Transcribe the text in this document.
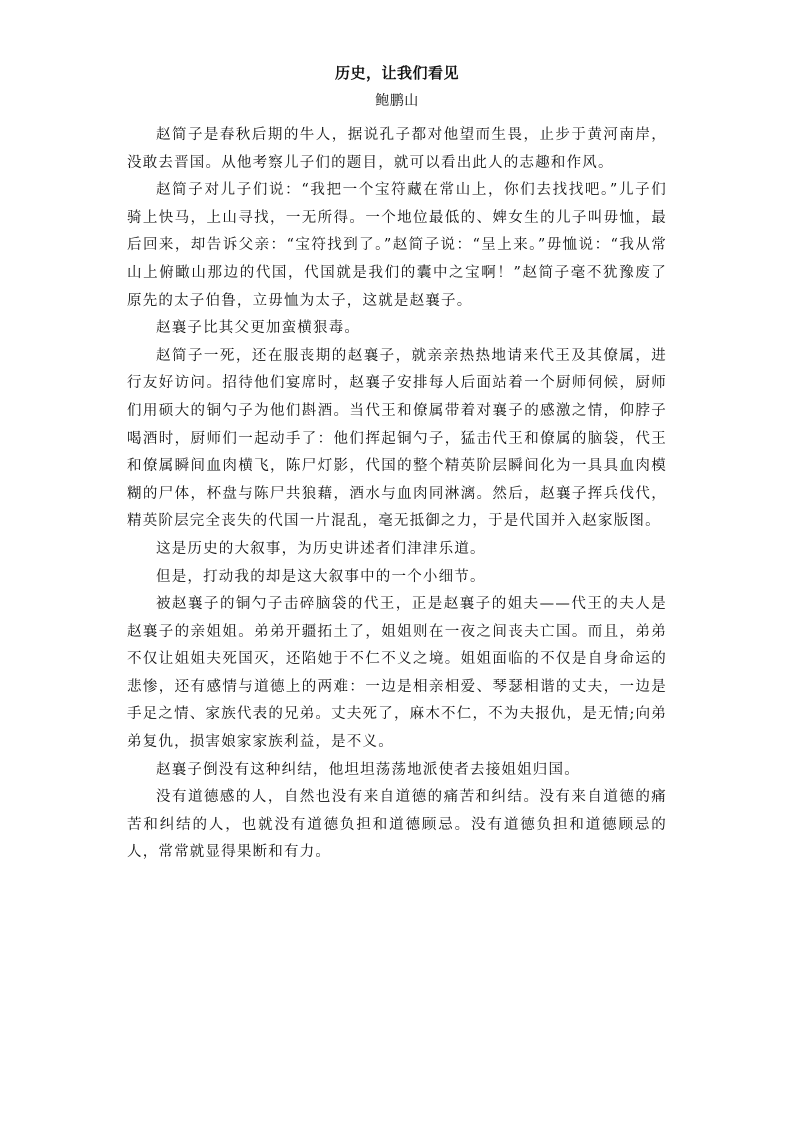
历史，让我们看见
鲍鹏山

赵简子是春秋后期的牛人，据说孔子都对他望而生畏，止步于黄河南岸，没敢去晋国。从他考察儿子们的题目，就可以看出此人的志趣和作风。

赵简子对儿子们说：“我把一个宝符藏在常山上，你们去找找吧。”儿子们骑上快马，上山寻找，一无所得。一个地位最低的、婢女生的儿子叫毋恤，最后回来，却告诉父亲：“宝符找到了。”赵简子说：“呈上来。”毋恤说：“我从常山上俯瞰山那边的代国，代国就是我们的囊中之宝啊！”赵简子毫不犹豫废了原先的太子伯鲁，立毋恤为太子，这就是赵襄子。

赵襄子比其父更加蛮横狠毒。

赵简子一死，还在服丧期的赵襄子，就亲亲热热地请来代王及其僚属，进行友好访问。招待他们宴席时，赵襄子安排每人后面站着一个厨师伺候，厨师们用硕大的铜勺子为他们斟酒。当代王和僚属带着对襄子的感激之情，仰脖子喝酒时，厨师们一起动手了：他们挥起铜勺子，猛击代王和僚属的脑袋，代王和僚属瞬间血肉横飞，陈尸灯影，代国的整个精英阶层瞬间化为一具具血肉模糊的尸体，杯盘与陈尸共狼藉，酒水与血肉同淋漓。然后，赵襄子挥兵伐代，精英阶层完全丧失的代国一片混乱，毫无抵御之力，于是代国并入赵家版图。

这是历史的大叙事，为历史讲述者们津津乐道。

但是，打动我的却是这大叙事中的一个小细节。

被赵襄子的铜勺子击碎脑袋的代王，正是赵襄子的姐夫——代王的夫人是赵襄子的亲姐姐。弟弟开疆拓土了，姐姐则在一夜之间丧夫亡国。而且，弟弟不仅让姐姐夫死国灭，还陷她于不仁不义之境。姐姐面临的不仅是自身命运的悲惨，还有感情与道德上的两难：一边是相亲相爱、琴瑟相谐的丈夫，一边是手足之情、家族代表的兄弟。丈夫死了，麻木不仁，不为夫报仇，是无情;向弟弟复仇，损害娘家家族利益，是不义。

赵襄子倒没有这种纠结，他坦坦荡荡地派使者去接姐姐归国。

没有道德感的人，自然也没有来自道德的痛苦和纠结。没有来自道德的痛苦和纠结的人，也就没有道德负担和道德顾忌。没有道德负担和道德顾忌的人，常常就显得果断和有力。
